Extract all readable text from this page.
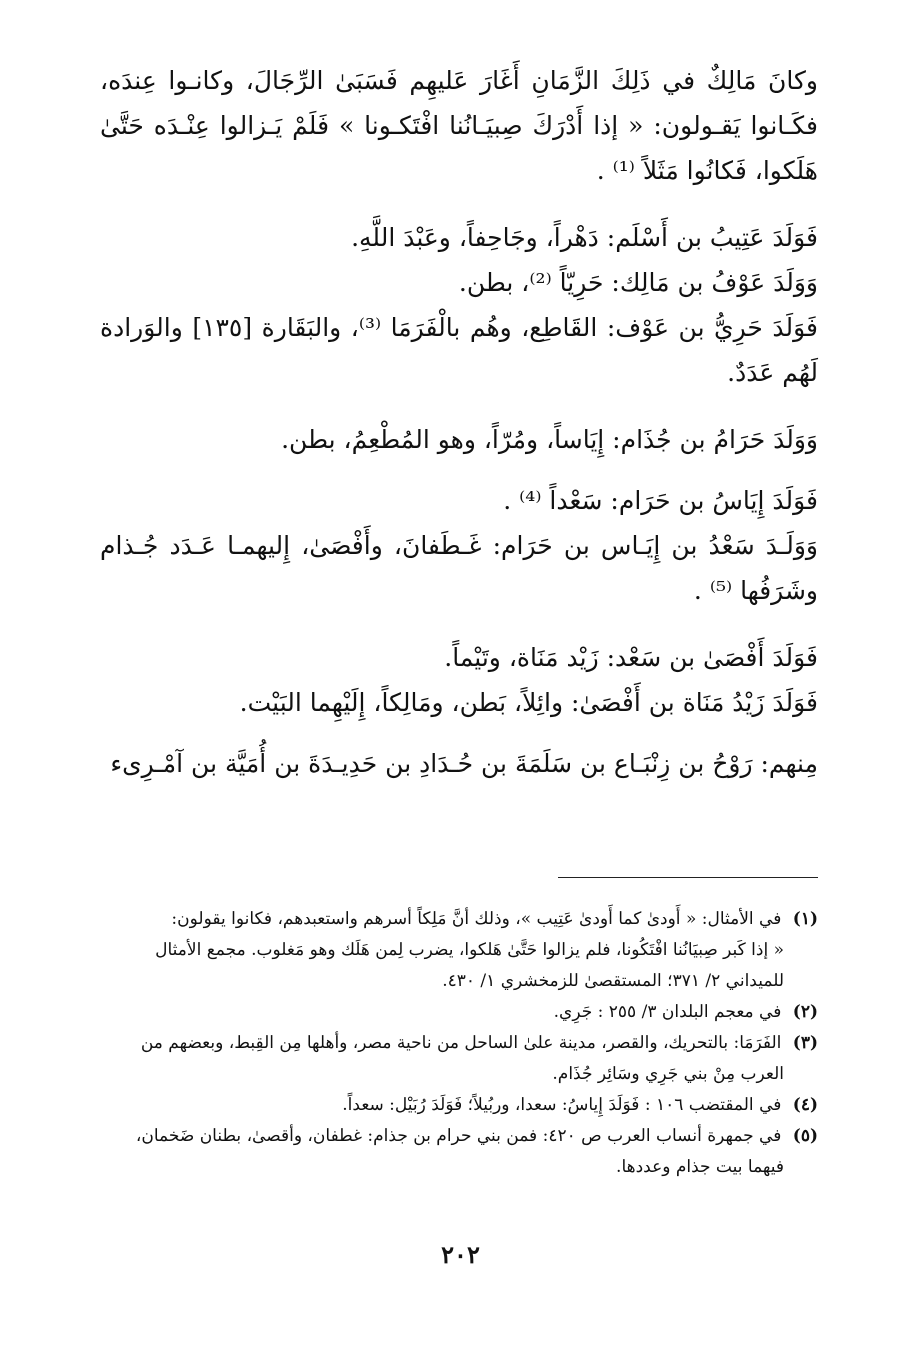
وكانَ مَالِكٌ في ذَلِكَ الزَّمَانِ أَغَارَ عَليهِم فَسَبَىٰ الرِّجَالَ، وكانـوا عِندَه، فكَـانوا يَقـولون: « إذا أَدْرَكَ صِبيَـانُنا افْتَكـونا » فَلَمْ يَـزالوا عِنْـدَه حَتَّىٰ هَلَكوا، فَكانُوا مَثَلاً ⁽¹⁾ .

فَوَلَدَ عَتِيبُ بن أَسْلَم: دَهْراً، وجَاحِفاً، وعَبْدَ اللَّهِ.

وَوَلَدَ عَوْفُ بن مَالِك: حَرِيّاً ⁽²⁾، بطن.

فَوَلَدَ حَرِيُّ بن عَوْف: القَاطِع، وهُم بالْفَرَمَا ⁽³⁾، والبَقَارة [١٣٥] والوَرادة لَهُم عَدَدٌ.

وَوَلَدَ حَرَامُ بن جُذَام: إِيَاساً، ومُرّاً، وهو المُطْعِمُ، بطن.

فَوَلَدَ إِيَاسُ بن حَرَام: سَعْداً ⁽⁴⁾ .

وَوَلَـدَ سَعْدُ بن إِيَـاس بن حَرَام: غَـطَفانَ، وأَفْصَىٰ، إِليهمـا عَـدَد جُـذام وشَرَفُها ⁽⁵⁾ .

فَوَلَدَ أَفْصَىٰ بن سَعْد: زَيْد مَنَاة، وتَيْماً.

فَوَلَدَ زَيْدُ مَنَاة بن أَفْصَىٰ: وائِلاً، بَطن، ومَالِكاً، إِلَيْهِما البَيْت.

مِنهم: رَوْحُ بن زِنْبَـاع بن سَلَمَةَ بن حُـدَادِ بن حَدِيـدَةَ بن أُمَيَّة بن آمْـرِىء

(١) في الأمثال: « أَودىٰ كما أَودىٰ عَتِيب »، وذلك أنَّ مَلِكاً أسرهم واستعبدهم، فكانوا يقولون:

« إذا كَبر صِبيَانُنا افْتَكُونا، فلم يزالوا حَتَّىٰ هَلكوا، يضرب لِمن هَلَك وهو مَغلوب. مجمع الأمثال

للميداني ٢/ ٣٧١؛ المستقصىٰ للزمخشري ١/ ٤٣٠.

(٢) في معجم البلدان ٣/ ٢٥٥ : جَرِي.

(٣) الفَرَمَا: بالتحريك، والقصر، مدينة علىٰ الساحل من ناحية مصر، وأهلها مِن القِبط، وبعضهم من

العرب مِنْ بني جَرِي وسَائِر جُذَام.

(٤) في المقتضب ١٠٦ : فَوَلَدَ إِياسُ: سعدا، وربُيلاً؛ فَوَلَدَ رُبَيْل: سعداً.

(٥) في جمهرة أنساب العرب ص ٤٢٠: فمن بني حرام بن جذام: غطفان، وأقصىٰ، بطنان ضَخمان،

فيهما بيت جذام وعددها.

٢٠٢
